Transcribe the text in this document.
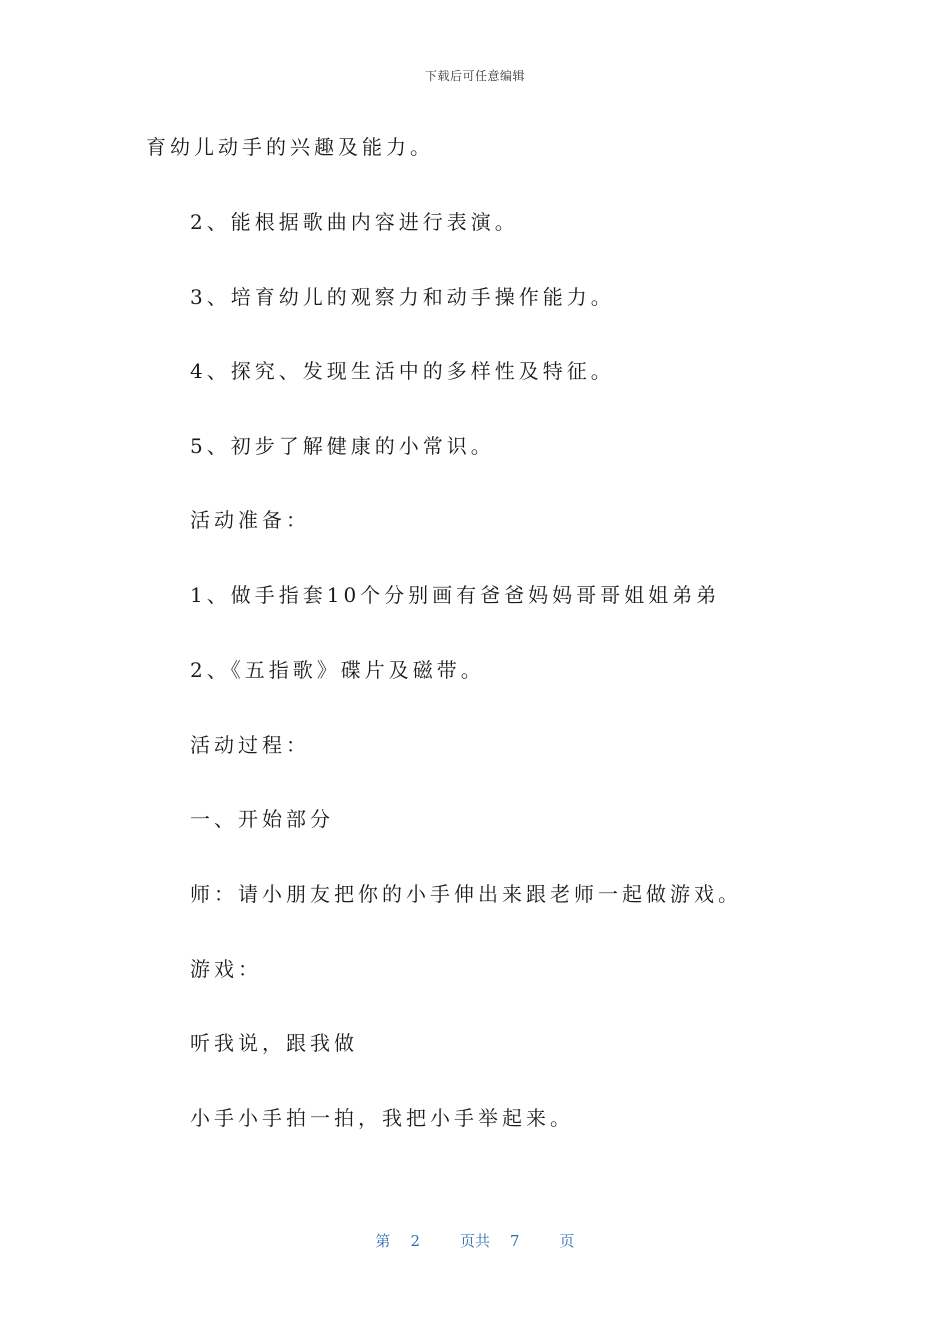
下载后可任意编辑
育幼儿动手的兴趣及能力。
2、能根据歌曲内容进行表演。
3、培育幼儿的观察力和动手操作能力。
4、探究、发现生活中的多样性及特征。
5、初步了解健康的小常识。
活动准备：
1、做手指套10个分别画有爸爸妈妈哥哥姐姐弟弟
2、《五指歌》碟片及磁带。
活动过程：
一、开始部分
师：请小朋友把你的小手伸出来跟老师一起做游戏。
游戏：
听我说，跟我做
小手小手拍一拍，我把小手举起来。
第 2	页共 7	页
